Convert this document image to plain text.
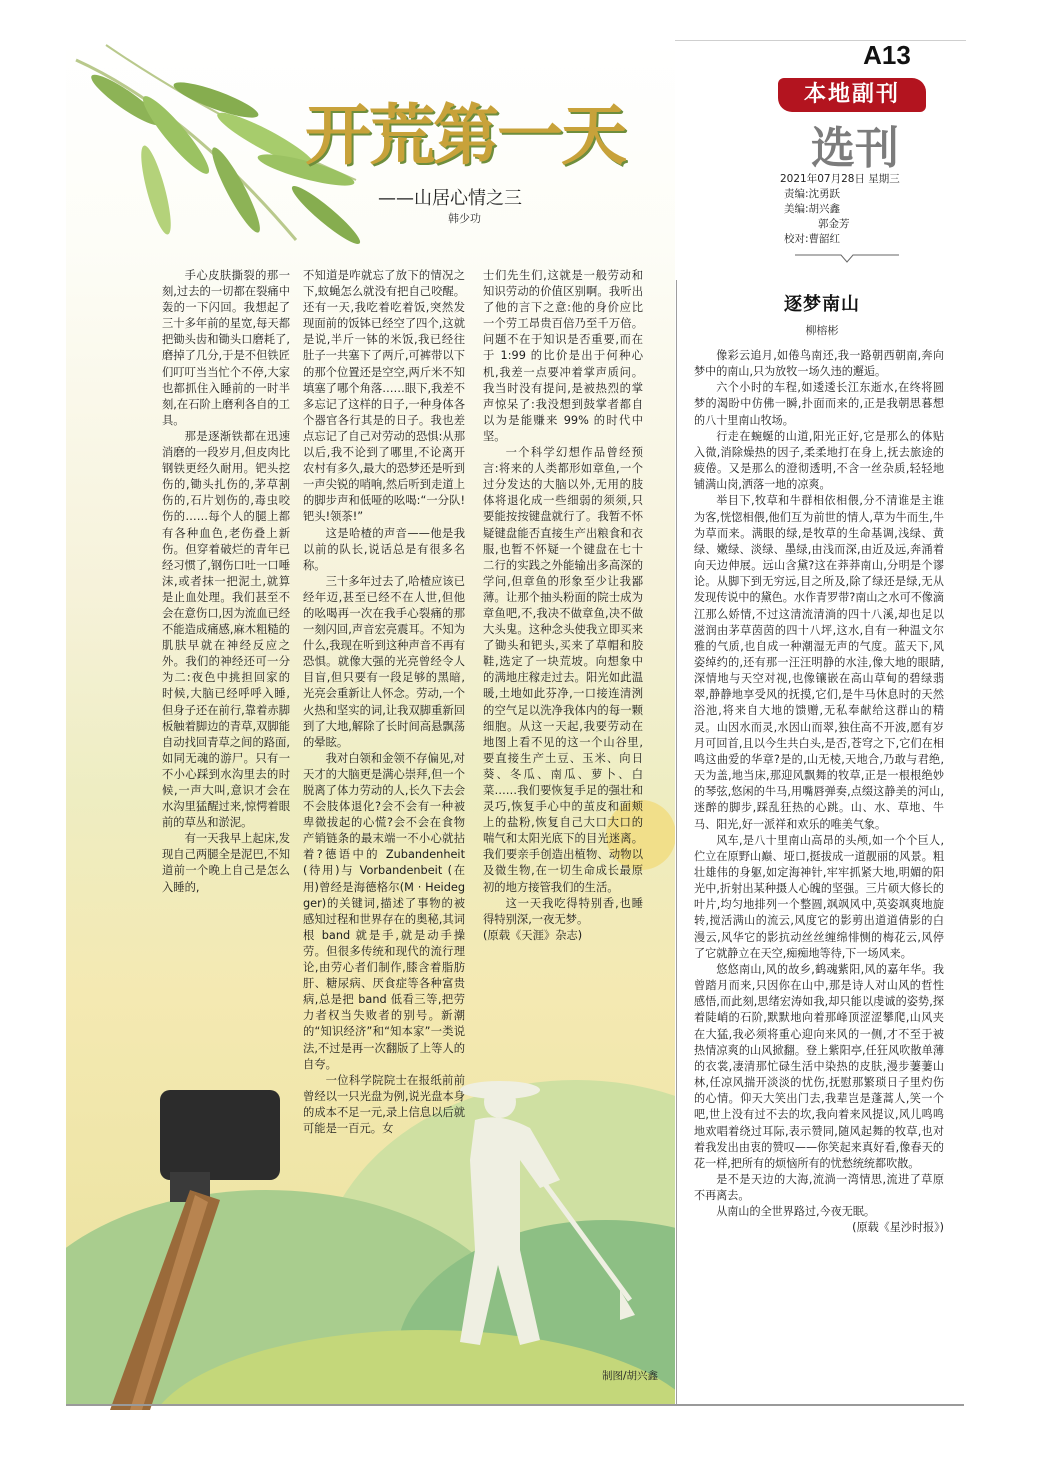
A13
本地副刊
选刊
2021年07月28日 星期三
责编:沈勇跃
美编:胡兴鑫
郭金芳
校对:曹韶红
开荒第一天
——山居心情之三
韩少功

手心皮肤撕裂的那一刻,过去的一切都在裂痛中轰的一下闪回。我想起了三十多年前的星宽,每天都把锄头齿和锄头口磨耗了,磨掉了几分,于是不但铁匠们叮叮当当忙个不停,大家也都抓住入睡前的一时半刻,在石阶上磨利各自的工具。

那是逐渐铁都在迅速消磨的一段岁月,但皮肉比钢铁更经久耐用。钯头挖伤的,锄头扎伤的,茅草割伤的,石片划伤的,毒虫咬伤的……每个人的腿上都有各种血色,老伤叠上新伤。但穿着破烂的青年已经习惯了,钢伤口吐一口唾沫,或者抹一把泥土,就算是止血处理。我们甚至不会在意伤口,因为流血已经不能造成痛感,麻木粗糙的肌肤早就在神经反应之外。我们的神经还可一分为二:夜色中挑担回家的时候,大脑已经呼呼入睡,但身子还在前行,靠着赤脚板触着脚边的青草,双脚能自动找回青草之间的路面,如同无魂的游尸。只有一不小心踩到水沟里去的时候,一声大叫,意识才会在水沟里猛醒过来,惊愕着眼前的草丛和淤泥。

有一天我早上起床,发现自己两腿全是泥巴,不知道前一个晚上自己是怎么入睡的,

不知道是咋就忘了放下的情况之下,蚊蝇怎么就没有把自己咬醒。还有一天,我吃着吃着饭,突然发现面前的饭钵已经空了四个,这就是说,半斤一钵的米饭,我已经往肚子一共塞下了两斤,可裤带以下的那个位置还是空空,两斤米不知填塞了哪个角落……眼下,我差不多忘记了这样的日子,一种身体各个器官各行其是的日子。我也差点忘记了自己对劳动的恐惧:从那以后,我不论到了哪里,不论离开农村有多久,最大的恐梦还是听到一声尖锐的哨响,然后听到走道上的脚步声和低哑的吆喝:“一分队!钯头!领茶!”

这是哈楂的声音——他是我以前的队长,说话总是有很多名称。

三十多年过去了,哈楂应该已经年迈,甚至已经不在人世,但他的吆喝再一次在我手心裂痛的那一刻闪回,声音宏亮震耳。不知为什么,我现在听到这种声音不再有恐惧。就像大强的光亮曾经令人目盲,但只要有一段足够的黑暗,光亮会重新让人怀念。劳动,一个火热和坚实的词,让我双脚重新回到了大地,解除了长时间高悬飘荡的晕眩。

我对白领和金领不存偏见,对天才的大脑更是满心崇拜,但一个脱离了体力劳动的人,长久下去会不会肢体退化?会不会有一种被卑微拔起的心慌?会不会在食物产销链条的最末端一不小心就拈着?德语中的 Zubandenheit (待用)与 Vorbandenbeit (在用)曾经是海德格尔(M · Heidegger)的关键词,描述了事物的被感知过程和世界存在的奥秘,其词根 band 就是手,就是动手操劳。但很多传统和现代的流行理论,由劳心者们制作,膝含着脂肪肝、糖尿病、厌食症等各种富贵病,总是把 band 低看三等,把劳力者权当失败者的别号。新潮的“知识经济”和“知本家”一类说法,不过是再一次翻版了上等人的自夸。

一位科学院院士在报纸前前曾经以一只光盘为例,说光盘本身的成本不足一元,录上信息以后就可能是一百元。女

士们先生们,这就是一般劳动和知识劳动的价值区别啊。我听出了他的言下之意:他的身价应比一个劳工昂贵百倍乃至千万倍。问题不在于知识是否重要,而在于 1:99 的比价是出于何种心机,我差一点要冲着掌声质问。我当时没有提问,是被热烈的掌声惊呆了:我没想到鼓掌者都自以为是能赚来 99% 的时代中坚。

一个科学幻想作品曾经预言:将来的人类都形如章鱼,一个过分发达的大脑以外,无用的肢体将退化成一些细弱的须须,只要能按按键盘就行了。我暂不怀疑键盘能否直接生产出粮食和衣服,也暂不怀疑一个键盘在七十二行的实践之外能输出多高深的学问,但章鱼的形象至少让我鄙薄。让那个抽头粉面的院士成为章鱼吧,不,我决不做章鱼,决不做大头鬼。这种念头使我立即买来了锄头和钯头,买来了草帽和胶鞋,选定了一块荒坡。向想象中的满地庄稼走过去。阳光如此温暖,土地如此芬净,一口接连清洌的空气足以洗净我体内的每一颗细胞。从这一天起,我要劳动在地图上看不见的这一个山谷里,要直接生产土豆、玉米、向日葵、冬瓜、南瓜、萝卜、白菜……我们要恢复手足的强壮和灵巧,恢复手心中的茧皮和面颊上的盐粉,恢复自己大口大口的喘气和太阳光底下的目光迷离。我们要亲手创造出植物、动物以及微生物,在一切生命成长最原初的地方接管我们的生活。

这一天我吃得特别香,也睡得特别深,一夜无梦。

(原载《天涯》杂志)

制图/胡兴鑫
逐梦南山
柳榕彬

像彩云追月,如倦鸟南还,我一路朝西朝南,奔向梦中的南山,只为放牧一场久违的邂逅。

六个小时的车程,如逶逶长江东逝水,在终将圆梦的渴盼中仿佛一瞬,扑面而来的,正是我朝思暮想的八十里南山牧场。

行走在蜿蜒的山道,阳光正好,它是那么的体贴入微,消除燥热的因子,柔柔地打在身上,抚去旅途的疲倦。又是那么的澄彻透明,不含一丝杂质,轻轻地铺满山岗,洒落一地的凉爽。

举目下,牧草和牛群相依相偎,分不清谁是主谁为客,恍惚相偎,他们互为前世的情人,草为牛而生,牛为草而来。满眼的绿,是牧草的生命基调,浅绿、黄绿、嫩绿、淡绿、墨绿,由浅而深,由近及远,奔涌着向天边伸展。远山含黛?这在莽莽南山,分明是个谬论。从脚下到无穷远,目之所及,除了绿还是绿,无从发现传说中的黛色。水作青罗带?南山之水可不像滴江那么娇情,不过这清流清淌的四十八溪,却也足以滋润由茅草茵茵的四十八坪,这水,自有一种温文尔雅的气质,也自成一种潮湿无声的气度。蓝天下,风姿绰约的,还有那一汪汪明静的水洼,像大地的眼睛,深情地与天空对视,也像镶嵌在高山草甸的碧绿翡翠,静静地享受风的抚摸,它们,是牛马休息时的天然浴池,将来自大地的馈赠,无私奉献给这群山的精灵。山因水而灵,水因山而翠,独住高不开波,愿有岁月可回首,且以今生共白头,是否,苍穹之下,它们在相鸣这曲爱的华章?是的,山无棱,天地合,乃敢与君绝,天为盖,地当床,那迎风飘舞的牧草,正是一根根绝妙的琴弦,悠闲的牛马,用嘴唇弹奏,点缀这静美的河山,迷醉的脚步,踩乱狂热的心跳。山、水、草地、牛马、阳光,好一派祥和欢乐的唯美气象。

风车,是八十里南山高昂的头颅,如一个个巨人,伫立在原野山巅、垭口,挺拔成一道靓丽的风景。粗壮雄伟的身躯,如定海神针,牢牢抓紧大地,明媚的阳光中,折射出某种摄人心魄的坚强。三片硕大修长的叶片,均匀地排列一个整圆,飒飒风中,英姿飒爽地旋转,搅活满山的流云,风度它的影剪出道道倩影的白漫云,风华它的影抗动丝丝缠绵悱恻的梅花云,风停了它就静立在天空,痴痴地等待,下一场风来。

悠悠南山,风的故乡,鹤魂紫阳,风的嘉年华。我曾踏月而来,只因你在山中,那是诗人对山风的哲性感悟,而此刻,思绪宏涛如我,却只能以虔诚的姿势,探着陡峭的石阶,默默地向着那峰顶涩涩攀爬,山风夹在大猛,我必须将重心迎向来风的一侧,才不至于被热情凉爽的山风掀翻。登上紫阳亭,任狂风吹散单薄的衣裳,凄清那忙碌生活中染热的皮肤,漫步萋萋山林,任凉风揣开淡淡的忧伤,抚慰那繁琐日子里灼伤的心情。仰天大笑出门去,我辈岂是蓬蒿人,笑一个吧,世上没有过不去的坎,我向着来风提议,风儿鸣鸣地欢唱着绕过耳际,表示赞同,随风起舞的牧草,也对着我发出由衷的赞叹——你笑起来真好看,像春天的花一样,把所有的烦恼所有的忧愁统统都吹散。

是不是天边的大海,流淌一湾情思,流进了草原不再离去。

从南山的全世界路过,今夜无眠。

(原载《星沙时报》)
